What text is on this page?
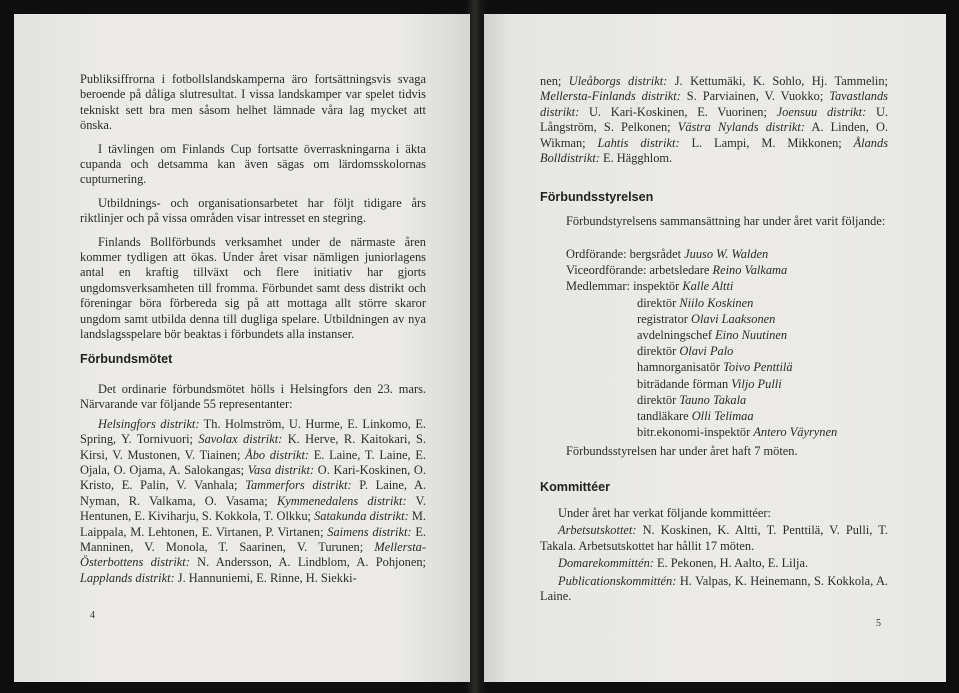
Publiksiffrorna i fotbollslandskamperna äro fortsättningsvis svaga beroende på dåliga slutresultat. I vissa landskamper var spelet tidvis tekniskt sett bra men såsom helhet lämnade våra lag mycket att önska.

I tävlingen om Finlands Cup fortsatte överraskningarna i äkta cupanda och detsamma kan även sägas om lärdomsskolornas cupturnering.

Utbildnings- och organisationsarbetet har följt tidigare års riktlinjer och på vissa områden visar intresset en stegring.

Finlands Bollförbunds verksamhet under de närmaste åren kommer tydligen att ökas. Under året visar nämligen juniorlagens antal en kraftig tillväxt och flere initiativ har gjorts ungdomsverksamheten till fromma. Förbundet samt dess distrikt och föreningar böra förbereda sig på att mottaga allt större skaror ungdom samt utbilda denna till dugliga spelare. Utbildningen av nya landslagsspelare bör beaktas i förbundets alla instanser.

Förbundsmötet

Det ordinarie förbundsmötet hölls i Helsingfors den 23. mars. Närvarande var följande 55 representanter:

Helsingfors distrikt: Th. Holmström, U. Hurme, E. Linkomo, E. Spring, Y. Tornivuori; Savolax distrikt: K. Herve, R. Kaitokari, S. Kirsi, V. Mustonen, V. Tiainen; Åbo distrikt: E. Laine, T. Laine, E. Ojala, O. Ojama, A. Salokangas; Vasa distrikt: O. Kari-Koskinen, O. Kristo, E. Palin, V. Vanhala; Tammerfors distrikt: P. Laine, A. Nyman, R. Valkama, O. Vasama; Kymmenedalens distrikt: V. Hentunen, E. Kiviharju, S. Kokkola, T. Olkku; Satakunda distrikt: M. Laippala, M. Lehtonen, E. Virtanen, P. Virtanen; Saimens distrikt: E. Manninen, V. Monola, T. Saarinen, V. Turunen; Mellersta-Österbottens distrikt: N. Andersson, A. Lindblom, A. Pohjonen; Lapplands distrikt: J. Hannuniemi, E. Rinne, H. Siekki-

4

nen; Uleåborgs distrikt: J. Kettumäki, K. Sohlo, Hj. Tammelin; Mellersta-Finlands distrikt: S. Parviainen, V. Vuokko; Tavastlands distrikt: U. Kari-Koskinen, E. Vuorinen; Joensuu distrikt: U. Långström, S. Pelkonen; Västra Nylands distrikt: A. Linden, O. Wikman; Lahtis distrikt: L. Lampi, M. Mikkonen; Ålands Bolldistrikt: E. Hägghlom.

Förbundsstyrelsen
Förbundstyrelsens sammansättning har under året varit följande:
Ordförande: bergsrådet Juuso W. Walden
Viceordförande: arbetsledare Reino Valkama
Medlemmar: inspektör Kalle Altti
direktör Niilo Koskinen
registrator Olavi Laaksonen
avdelningschef Eino Nuutinen
direktör Olavi Palo
hamnorganisatör Toivo Penttilä
biträdande förman Viljo Pulli
direktör Tauno Takala
tandläkare Olli Telimaa
bitr.ekonomi-inspektör Antero Väyrynen
Förbundsstyrelsen har under året haft 7 möten.
Kommittéer

Under året har verkat följande kommittéer:

Arbetsutskottet: N. Koskinen, K. Altti, T. Penttilä, V. Pulli, T. Takala. Arbetsutskottet har hållit 17 möten.

Domarekommittén: E. Pekonen, H. Aalto, E. Lilja.

Publicationskommittén: H. Valpas, K. Heinemann, S. Kokkola, A. Laine.

5
